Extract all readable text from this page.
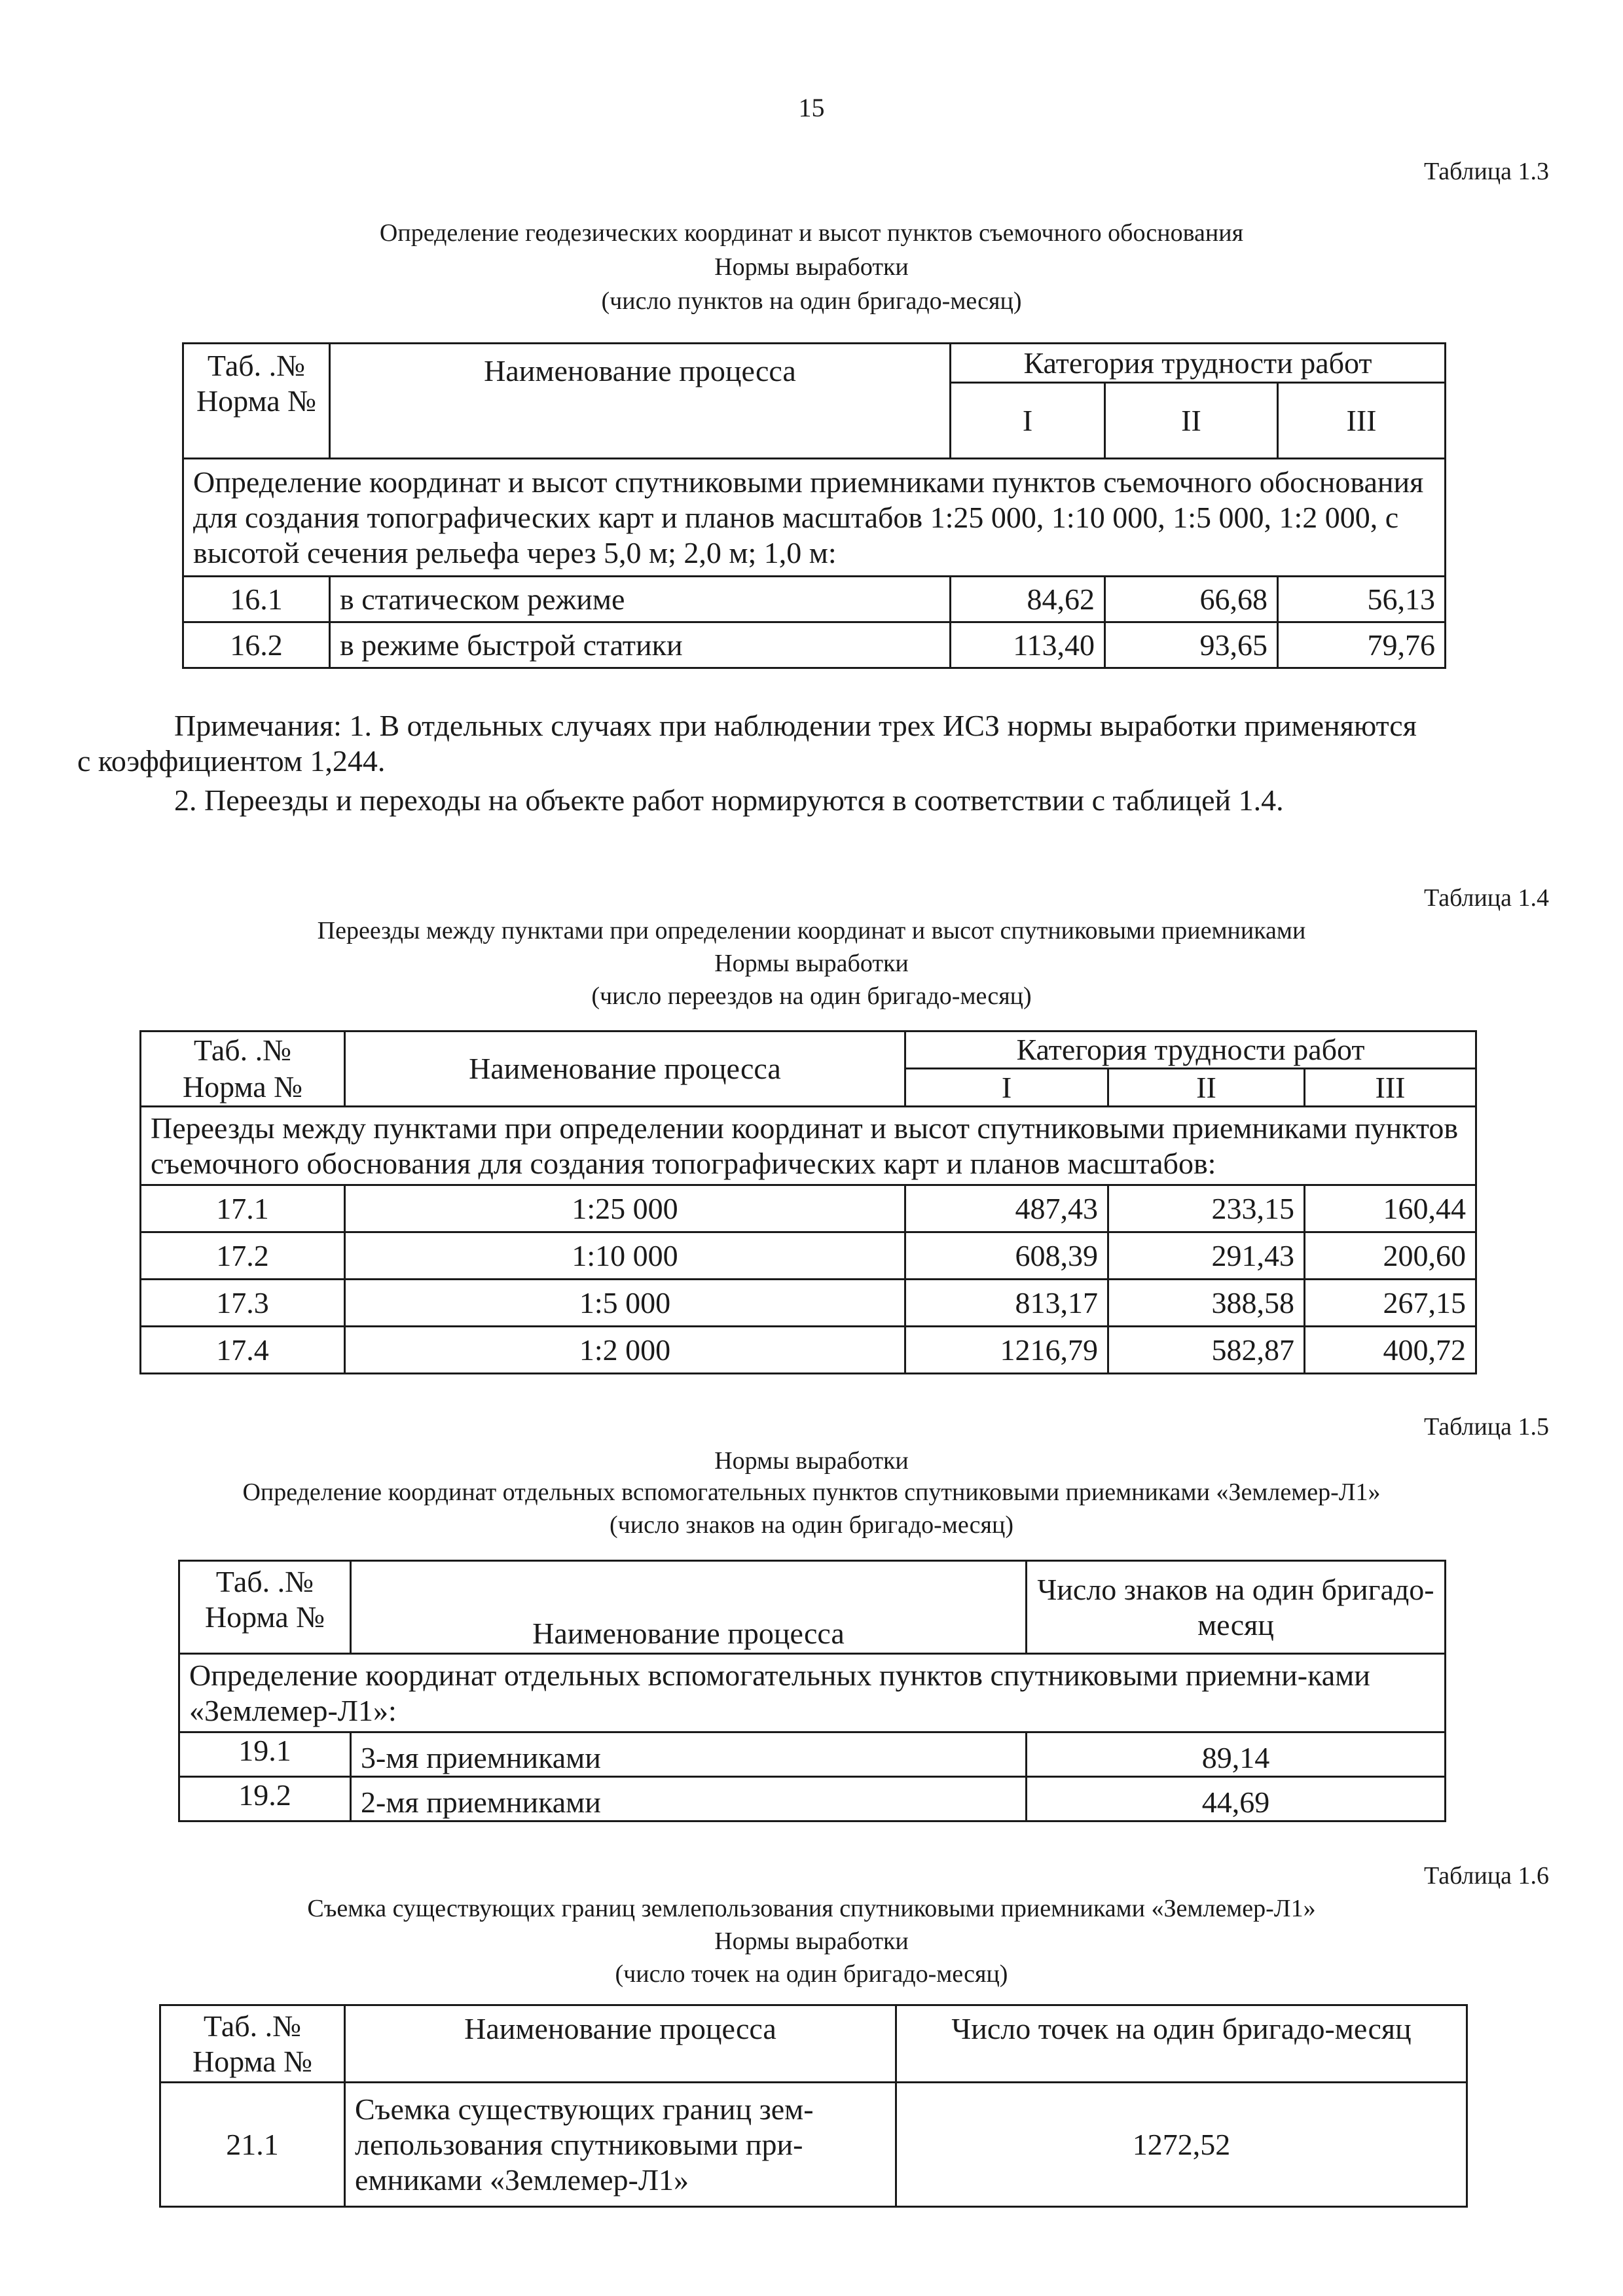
15
Таблица 1.3
Определение геодезических координат и высот пунктов съемочного обоснования
Нормы выработки
(число пунктов на один бригадо-месяц)
Таб. .№ Норма №	Наименование процесса	Категория трудности работ		
		I	II	III
Определение координат и высот спутниковыми приемниками пунктов съемочного обоснования для создания топографических карт и планов масштабов 1:25 000, 1:10 000, 1:5 000, 1:2 000, с высотой сечения рельефа через 5,0 м; 2,0 м; 1,0 м:				
16.1	в статическом режиме	84,62	66,68	56,13
16.2	в режиме быстрой статики	113,40	93,65	79,76
Примечания: 1. В отдельных случаях при наблюдении трех ИСЗ нормы выработки применяются
с коэффициентом 1,244.
2. Переезды и переходы на объекте работ нормируются в соответствии с таблицей 1.4.
Таблица 1.4
Переезды между пунктами при определении координат и высот спутниковыми приемниками
Нормы выработки
(число переездов на один бригадо-месяц)
Таб. .№ Норма №	Наименование процесса	Категория трудности работ		
		I	II	III
Переезды между пунктами при определении координат и высот спутниковыми приемниками пунктов съемочного обоснования для создания топографических карт и планов масштабов:				
17.1	1:25 000	487,43	233,15	160,44
17.2	1:10 000	608,39	291,43	200,60
17.3	1:5 000	813,17	388,58	267,15
17.4	1:2 000	1216,79	582,87	400,72
Таблица 1.5
Нормы выработки
Определение координат отдельных вспомогательных пунктов спутниковыми приемниками «Землемер-Л1»
(число знаков на один бригадо-месяц)
Таб. .№ Норма №	Наименование процесса	Число знаков на один бригадо-месяц
Определение координат отдельных вспомогательных пунктов спутниковыми приемни-ками «Землемер-Л1»:		
19.1	3-мя приемниками	89,14
19.2	2-мя приемниками	44,69
Таблица 1.6
Съемка существующих границ землепользования спутниковыми приемниками «Землемер-Л1»
Нормы выработки
(число точек на один бригадо-месяц)
Таб. .№ Норма №	Наименование процесса	Число точек на один бригадо-месяц
21.1	Съемка существующих границ зем-лепользования спутниковыми при-емниками «Землемер-Л1»	1272,52
